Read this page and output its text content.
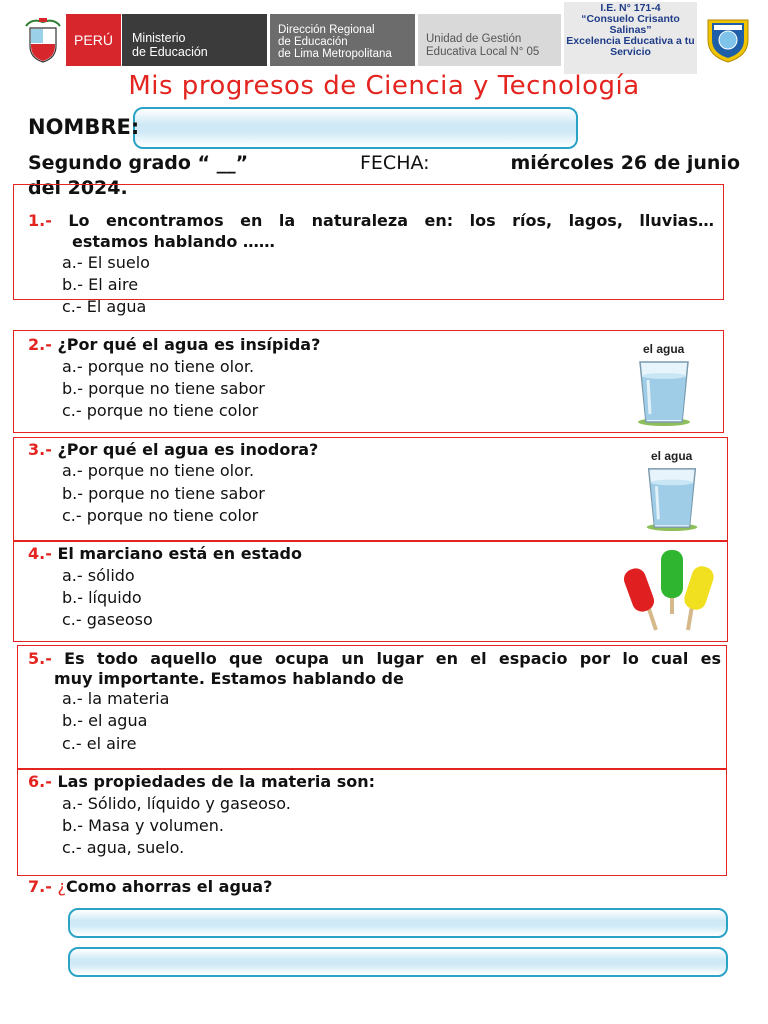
PERÚ Ministerio
de Educación
Dirección Regional
de Educación
de Lima Metropolitana
Unidad de Gestión
Educativa Local N° 05
I.E. N° 171-4
“Consuelo Crisanto Salinas”
Excelencia Educativa a tu Servicio
Mis progresos de Ciencia y Tecnología
NOMBRE:
Segundo grado “ __”	FECHA:	miércoles 26 de junio
del 2024.
1.- Lo encontramos en la naturaleza en: los ríos, lagos, lluvias…
estamos hablando ……
a.- El suelo
b.- El aire
c.- El agua
2.- ¿Por qué el agua es insípida?
a.- porque no tiene olor.
b.- porque no tiene sabor
c.- porque no tiene color
el agua
3.- ¿Por qué el agua es inodora?
a.- porque no tiene olor.
b.- porque no tiene sabor
c.- porque no tiene color
el agua
4.- El marciano está en estado
a.- sólido
b.- líquido
c.- gaseoso
5.- Es todo aquello que ocupa un lugar en el espacio por lo cual es
muy importante. Estamos hablando de
a.- la materia
b.- el agua
c.- el aire
6.- Las propiedades de la materia son:
a.- Sólido, líquido y gaseoso.
b.- Masa y volumen.
c.- agua, suelo.
7.- ¿Como ahorras el agua?
